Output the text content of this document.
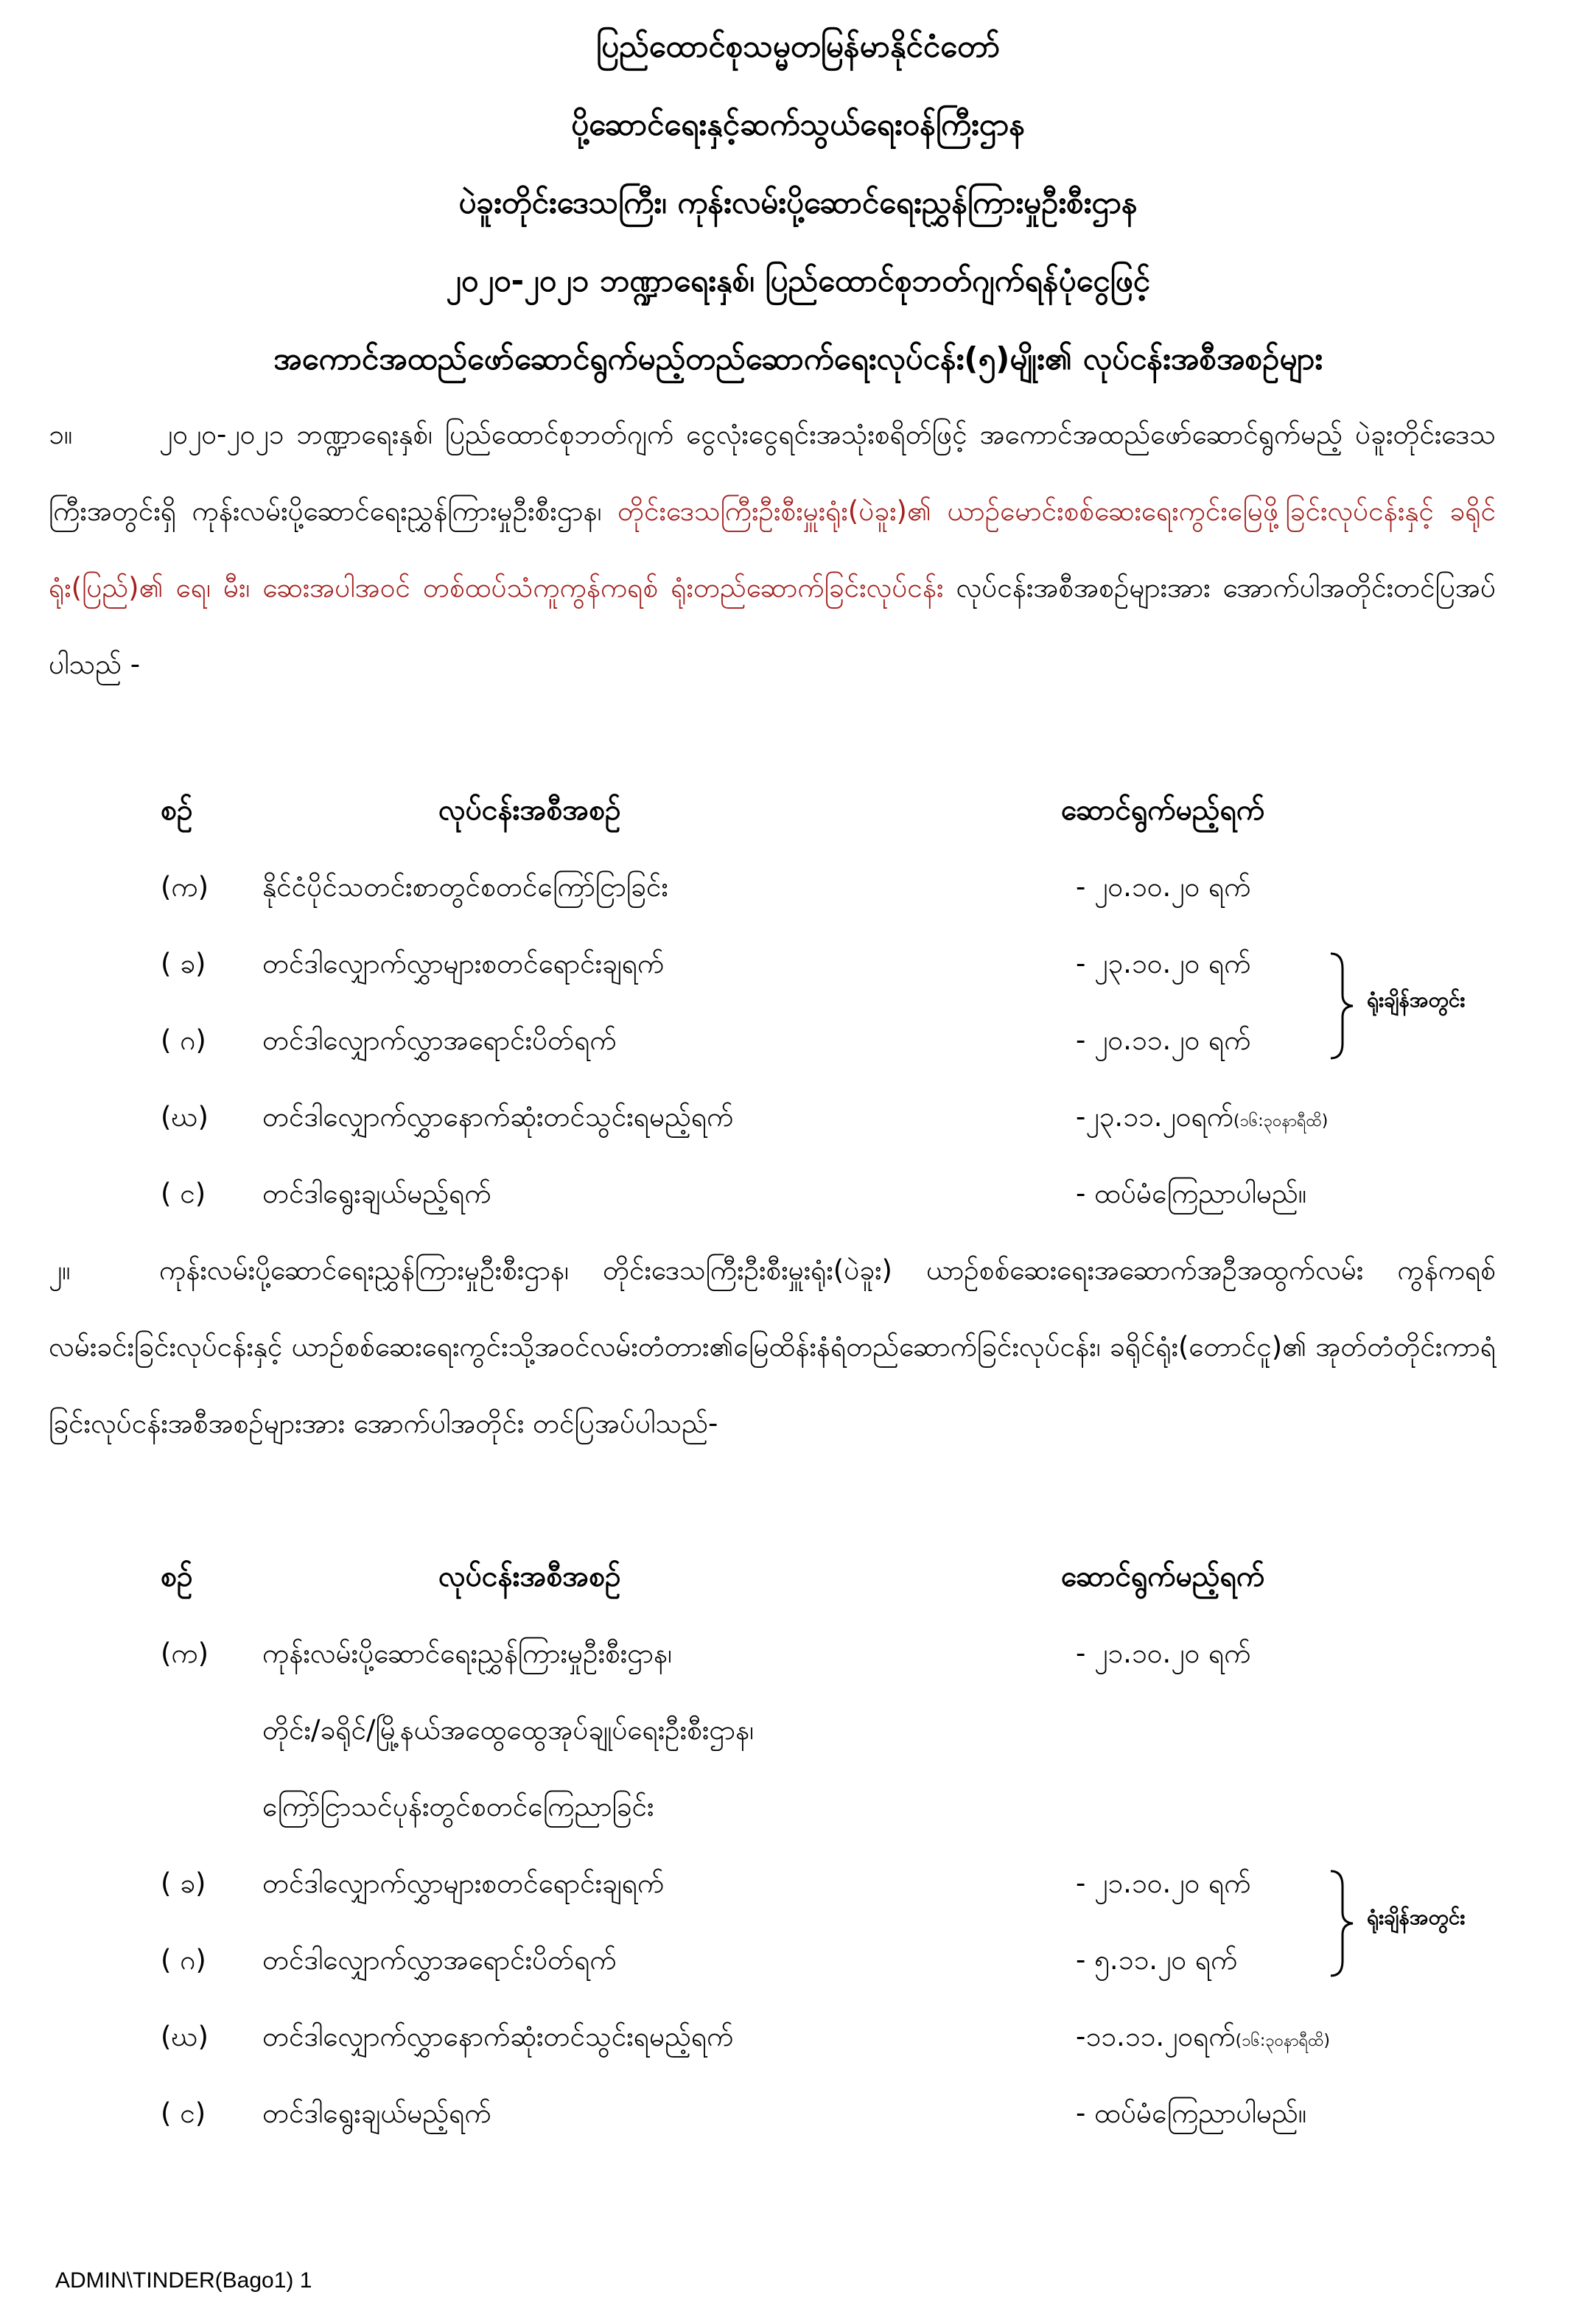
ပြည်ထောင်စုသမ္မတမြန်မာနိုင်ငံတော်
ပို့ဆောင်ရေးနှင့်ဆက်သွယ်ရေးဝန်ကြီးဌာန
ပဲခူးတိုင်းဒေသကြီး၊ ကုန်းလမ်းပို့ဆောင်ရေးညွှန်ကြားမှုဦးစီးဌာန
၂၀၂၀-၂၀၂၁ ဘဏ္ဍာရေးနှစ်၊ ပြည်ထောင်စုဘတ်ဂျက်ရန်ပုံငွေဖြင့်
အကောင်အထည်ဖော်ဆောင်ရွက်မည့်တည်ဆောက်ရေးလုပ်ငန်း(၅)မျိုး၏ လုပ်ငန်းအစီအစဉ်များ
၁။	၂၀၂၀-၂၀၂၁ ဘဏ္ဍာရေးနှစ်၊ ပြည်ထောင်စုဘတ်ဂျက် ငွေလုံးငွေရင်းအသုံးစရိတ်ဖြင့် အကောင်အထည်ဖော်ဆောင်ရွက်မည့် ပဲခူးတိုင်းဒေသကြီးအတွင်းရှိ ကုန်းလမ်းပို့ဆောင်ရေးညွှန်ကြားမှုဦးစီးဌာန၊ တိုင်းဒေသကြီးဦးစီးမှူးရုံး(ပဲခူး)၏ ယာဉ်မောင်းစစ်ဆေးရေးကွင်းမြေဖို့ခြင်းလုပ်ငန်းနှင့် ခရိုင်ရုံး(ပြည်)၏ ရေ၊ မီး၊ ဆေးအပါအဝင် တစ်ထပ်သံကူကွန်ကရစ် ရုံးတည်ဆောက်ခြင်းလုပ်ငန်း လုပ်ငန်းအစီအစဉ်များအား အောက်ပါအတိုင်းတင်ပြအပ်ပါသည် -
စဉ်	လုပ်ငန်းအစီအစဉ်	ဆောင်ရွက်မည့်ရက်
(က) နိုင်ငံပိုင်သတင်းစာတွင်စတင်ကြော်ငြာခြင်း	- ၂၀.၁၀.၂၀ ရက်
( ခ) တင်ဒါလျှောက်လွှာများစတင်ရောင်းချရက်	- ၂၃.၁၀.၂၀ ရက်
( ဂ) တင်ဒါလျှောက်လွှာအရောင်းပိတ်ရက်	- ၂၀.၁၁.၂၀ ရက်
(ဃ) တင်ဒါလျှောက်လွှာနောက်ဆုံးတင်သွင်းရမည့်ရက်	-၂၃.၁၁.၂၀ရက်(၁၆:၃၀နာရီထိ)
( င) တင်ဒါရွေးချယ်မည့်ရက်	- ထပ်မံကြေညာပါမည်။
ရုံးချိန်အတွင်း
၂။	ကုန်းလမ်းပို့ဆောင်ရေးညွှန်ကြားမှုဦးစီးဌာန၊ တိုင်းဒေသကြီးဦးစီးမှူးရုံး(ပဲခူး) ယာဉ်စစ်ဆေးရေးအဆောက်အဦအထွက်လမ်း ကွန်ကရစ်လမ်းခင်းခြင်းလုပ်ငန်းနှင့် ယာဉ်စစ်ဆေးရေးကွင်းသို့အဝင်လမ်းတံတား၏မြေထိန်းနံရံတည်ဆောက်ခြင်းလုပ်ငန်း၊ ခရိုင်ရုံး(တောင်ငူ)၏ အုတ်တံတိုင်းကာရံခြင်းလုပ်ငန်းအစီအစဉ်များအား အောက်ပါအတိုင်း တင်ပြအပ်ပါသည်-
စဉ်	လုပ်ငန်းအစီအစဉ်	ဆောင်ရွက်မည့်ရက်
(က) ကုန်းလမ်းပို့ဆောင်ရေးညွှန်ကြားမှုဦးစီးဌာန၊	- ၂၁.၁၀.၂၀ ရက်
တိုင်း/ခရိုင်/မြို့နယ်အထွေထွေအုပ်ချုပ်ရေးဦးစီးဌာန၊
ကြော်ငြာသင်ပုန်းတွင်စတင်ကြေညာခြင်း
( ခ) တင်ဒါလျှောက်လွှာများစတင်ရောင်းချရက်	- ၂၁.၁၀.၂၀ ရက်
( ဂ) တင်ဒါလျှောက်လွှာအရောင်းပိတ်ရက်	- ၅.၁၁.၂၀ ရက်
(ဃ) တင်ဒါလျှောက်လွှာနောက်ဆုံးတင်သွင်းရမည့်ရက်	-၁၁.၁၁.၂၀ရက်(၁၆:၃၀နာရီထိ)
( င) တင်ဒါရွေးချယ်မည့်ရက်	- ထပ်မံကြေညာပါမည်။
ရုံးချိန်အတွင်း
ADMIN\TINDER(Bago1) 1
